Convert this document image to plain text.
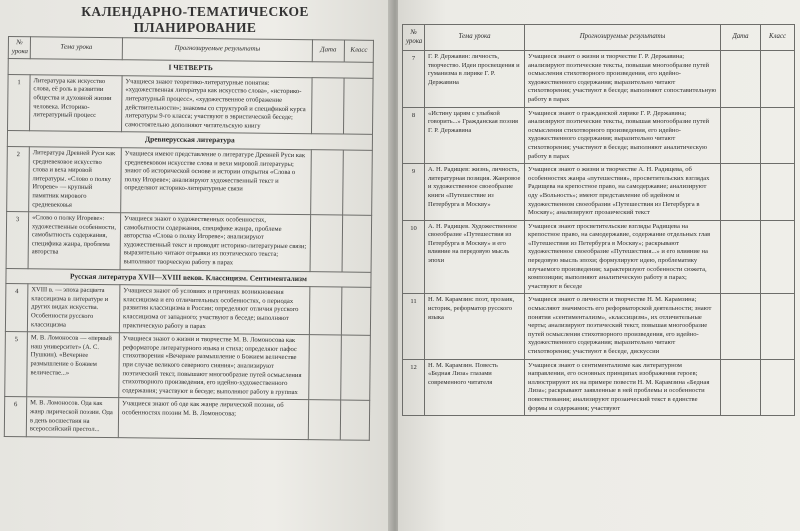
КАЛЕНДАРНО-ТЕМАТИЧЕСКОЕ ПЛАНИРОВАНИЕ
№ урока	Тема урока	Прогнозируемые результаты	Дата	Класс
I ЧЕТВЕРТЬ				
1	Литература как искусство слова, её роль в развитии общества и духовной жизни человека. Историко-литературный процесс	Учащиеся знают теоретико-литературные понятия: «художественная литература как искусство слова», «историко-литературный процесс», «художественное отображение действительности»; знакомы со структурой и спецификой курса литературы 9-го класса; участвуют в эвристической беседе; самостоятельно дополняют читательскую книгу		
Древнерусская литература				
2	Литература Древней Руси как средневековое искусство слова и веха мировой литературы. «Слово о полку Игореве» — крупный памятник мирового средневековья	Учащиеся имеют представление о литературе Древней Руси как средневековом искусстве слова и вехи мировой литературы; знают об исторической основе и истории открытия «Слова о полку Игореве»; анализируют художественный текст и определяют историко-литературные связи		
3	«Слово о полку Игореве»: художественные особенности, самобытность содержания, специфика жанра, проблема авторства	Учащиеся знают о художественных особенностях, самобытности содержания, специфике жанра, проблеме авторства «Слова о полку Игореве»; анализируют художественный текст и проводят историко-литературные связи; выразительно читают отрывки из поэтического текста; выполняют творческую работу в парах		
Русская литература XVII—XVIII веков. Классицизм. Сентиментализм				
4	XVIII в. — эпоха расцвета классицизма в литературе и других видах искусства. Особенности русского классицизма	Учащиеся знают об условиях и причинах возникновения классицизма и его отличительных особенностях, о периодах развития классицизма в России; определяют отличия русского классицизма от западного; участвуют в беседе; выполняют практическую работу в парах		
5	М. В. Ломоносов — «первый наш университет» (А. С. Пушкин). «Вечернее размышление о Божием величестве...»	Учащиеся знают о жизни и творчестве М. В. Ломоносова как реформаторе литературного языка и стиха; определяют пафос стихотворения «Вечернее размышление о Божием величестве при случае великого северного сияния»; анализируют поэтический текст, повышают многообразие путей осмысления стихотворного произведения, его идейно-художественного содержания; участвуют в беседе; выполняют работу в группах		
6	М. В. Ломоносов. Ода как жанр лирической поэзии. Ода в день восшествия на всероссийский престол...	Учащиеся знают об оде как жанре лирической поэзии, об особенностях поэзии М. В. Ломоносова;		
№ урока	Тема урока	Прогнозируемые результаты	Дата	Класс
7	Г. Р. Державин: личность, творчество. Идеи просвещения и гуманизма в лирике Г. Р. Державина	Учащиеся знают о жизни и творчестве Г. Р. Державина; анализируют поэтические тексты, повышая многообразие путей осмысления стихотворного произведения, его идейно-художественного содержания; выразительно читают стихотворения; участвуют в беседе; выполняют сопоставительную работу в парах		
8	«Истину царям с улыбкой говорить...» Гражданская поэзия Г. Р. Державина	Учащиеся знают о гражданской лирике Г. Р. Державина; анализируют поэтические тексты, повышая многообразие путей осмысления стихотворного произведения, его идейно-художественного содержания; выразительно читают стихотворения; участвуют в беседе; выполняют аналитическую работу в парах		
9	А. Н. Радищев: жизнь, личность, литературная позиция. Жанровое и художественное своеобразие книги «Путешествие из Петербурга в Москву»	Учащиеся знают о жизни и творчестве А. Н. Радищева, об особенностях жанра «путешествия», просветительских взглядах Радищева на крепостное право, на самодержавие; анализируют оду «Вольность»; имеют представление об идейном и художественном своеобразии «Путешествия из Петербурга в Москву»; анализируют прозаический текст		
10	А. Н. Радищев. Художественное своеобразие «Путешествия из Петербурга в Москву» и его влияние на передовую мысль эпохи	Учащиеся знают просветительские взгляды Радищева на крепостное право, на самодержавие, содержание отдельных глав «Путешествия из Петербурга в Москву»; раскрывают художественное своеобразие «Путешествия...» и его влияние на передовую мысль эпохи; формулируют идею, проблематику изучаемого произведения; характеризуют особенности сюжета, композиции; выполняют аналитическую работу в парах; участвуют в беседе		
11	Н. М. Карамзин: поэт, прозаик, историк, реформатор русского языка	Учащиеся знают о личности и творчестве Н. М. Карамзина; осмысляют значимость его реформаторской деятельности; знают понятия «сентиментализм», «классицизм», их отличительные черты; анализируют поэтический текст, повышая многообразие путей осмысления стихотворного произведения, его идейно-художественного содержания; выразительно читают стихотворения; участвуют в беседе, дискуссии		
12	Н. М. Карамзин. Повесть «Бедная Лиза» глазами современного читателя	Учащиеся знают о сентиментализме как литературном направлении, его основных принципах изображения героев; иллюстрируют их на примере повести Н. М. Карамзина «Бедная Лиза»; раскрывают заявленные в ней проблемы и особенности повествования; анализируют прозаический текст в единстве формы и содержания; участвуют		
